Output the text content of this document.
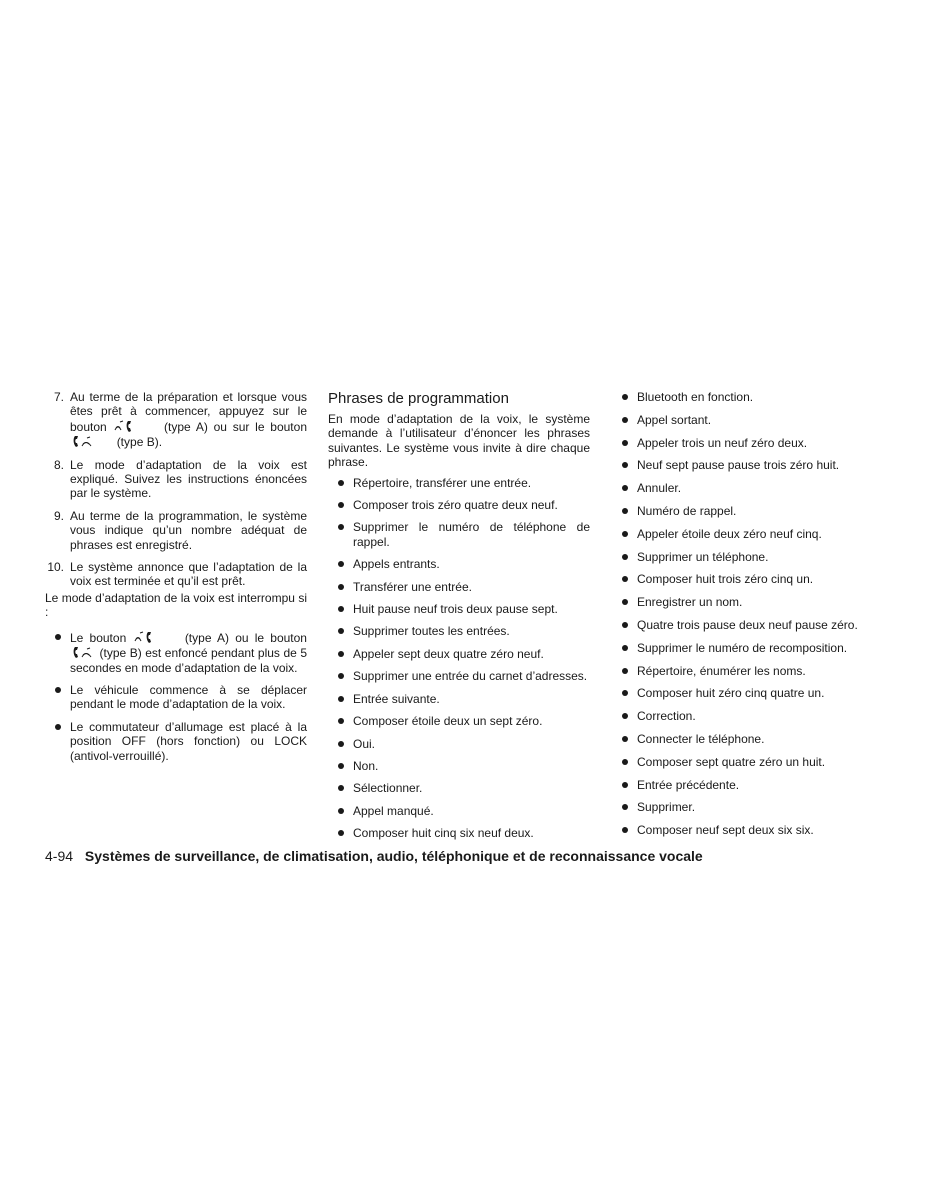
7. Au terme de la préparation et lorsque vous êtes prêt à commencer, appuyez sur le bouton	(type A) ou sur le bouton   (type B).
8. Le mode d’adaptation de la voix est expliqué. Suivez les instructions énoncées par le système.
9. Au terme de la programmation, le système vous indique qu’un nombre adéquat de phrases est enregistré.
10. Le système annonce que l’adaptation de la voix est terminée et qu’il est prêt.
Le mode d’adaptation de la voix est interrompu si :
Le bouton	(type A) ou le bouton  (type B) est enfoncé pendant plus de 5 secondes en mode d’adaptation de la voix.
Le véhicule commence à se déplacer pendant le mode d’adaptation de la voix.
Le commutateur d’allumage est placé à la position OFF (hors fonction) ou LOCK (antivol-verrouillé).
Phrases de programmation
En mode d’adaptation de la voix, le système demande à l’utilisateur d’énoncer les phrases suivantes. Le système vous invite à dire chaque phrase.
Répertoire, transférer une entrée.
Composer trois zéro quatre deux neuf.
Supprimer le numéro de téléphone de rappel.
Appels entrants.
Transférer une entrée.
Huit pause neuf trois deux pause sept.
Supprimer toutes les entrées.
Appeler sept deux quatre zéro neuf.
Supprimer une entrée du carnet d’adresses.
Entrée suivante.
Composer étoile deux un sept zéro.
Oui.
Non.
Sélectionner.
Appel manqué.
Composer huit cinq six neuf deux.
Bluetooth en fonction.
Appel sortant.
Appeler trois un neuf zéro deux.
Neuf sept pause pause trois zéro huit.
Annuler.
Numéro de rappel.
Appeler étoile deux zéro neuf cinq.
Supprimer un téléphone.
Composer huit trois zéro cinq un.
Enregistrer un nom.
Quatre trois pause deux neuf pause zéro.
Supprimer le numéro de recomposition.
Répertoire, énumérer les noms.
Composer huit zéro cinq quatre un.
Correction.
Connecter le téléphone.
Composer sept quatre zéro un huit.
Entrée précédente.
Supprimer.
Composer neuf sept deux six six.
4-94 Systèmes de surveillance, de climatisation, audio, téléphonique et de reconnaissance vocale
